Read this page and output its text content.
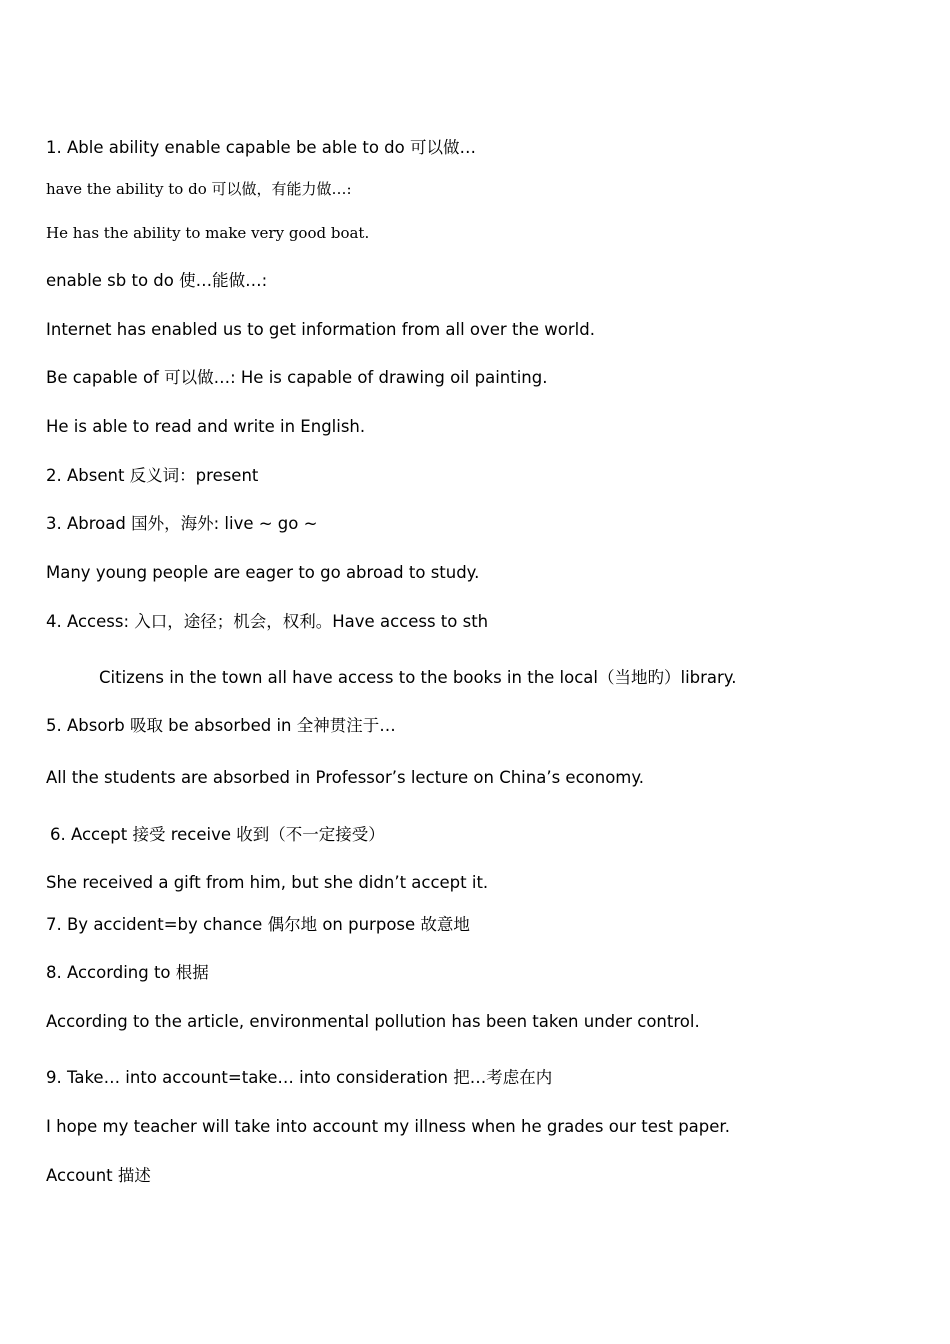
1. Able ability enable capable be able to do 可以做…
have the ability to do 可以做，有能力做…:
He has the ability to make very good boat.
enable sb to do 使…能做…:
Internet has enabled us to get information from all over the world.
Be capable of 可以做…: He is capable of drawing oil painting.
He is able to read and write in English.
2. Absent 反义词：present
3. Abroad 国外，海外: live ~ go ~
Many young people are eager to go abroad to study.
4. Access: 入口，途径；机会，权利。Have access to sth
Citizens in the town all have access to the books in the local（当地旳）library.
5. Absorb 吸取 be absorbed in 全神贯注于…
All the students are absorbed in Professor’s lecture on China’s economy.
6. Accept 接受 receive 收到（不一定接受）
She received a gift from him, but she didn’t accept it.
7. By accident=by chance 偶尔地 on purpose 故意地
8. According to 根据
According to the article, environmental pollution has been taken under control.
9. Take… into account=take… into consideration 把…考虑在内
I hope my teacher will take into account my illness when he grades our test paper.
Account 描述
